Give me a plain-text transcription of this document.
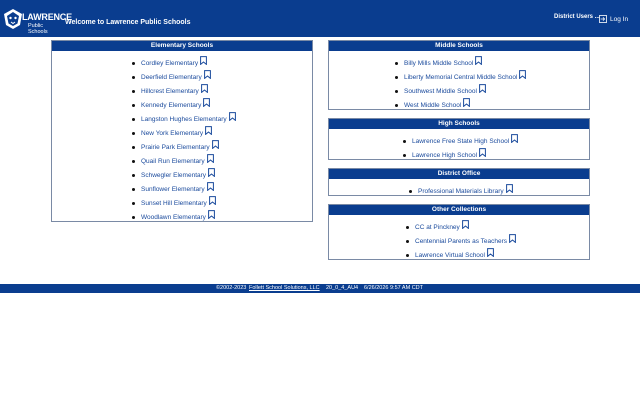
LAWRENCE
Public Schools
Welcome to Lawrence Public Schools
District Users ... Log In
Elementary Schools
Cordley Elementary
Deerfield Elementary
Hillcrest Elementary
Kennedy Elementary
Langston Hughes Elementary
New York Elementary
Prairie Park Elementary
Quail Run Elementary
Schwegler Elementary
Sunflower Elementary
Sunset Hill Elementary
Woodlawn Elementary
Middle Schools
Billy Mills Middle School
Liberty Memorial Central Middle School
Southwest Middle School
West Middle School
High Schools
Lawrence Free State High School
Lawrence High School
District Office
Professional Materials Library
Other Collections
CC at Pinckney
Centennial Parents as Teachers
Lawrence Virtual School
©2002-2023 Follett School Solutions, LLC 20_0_4_AU4 6/26/2026 9:57 AM CDT
